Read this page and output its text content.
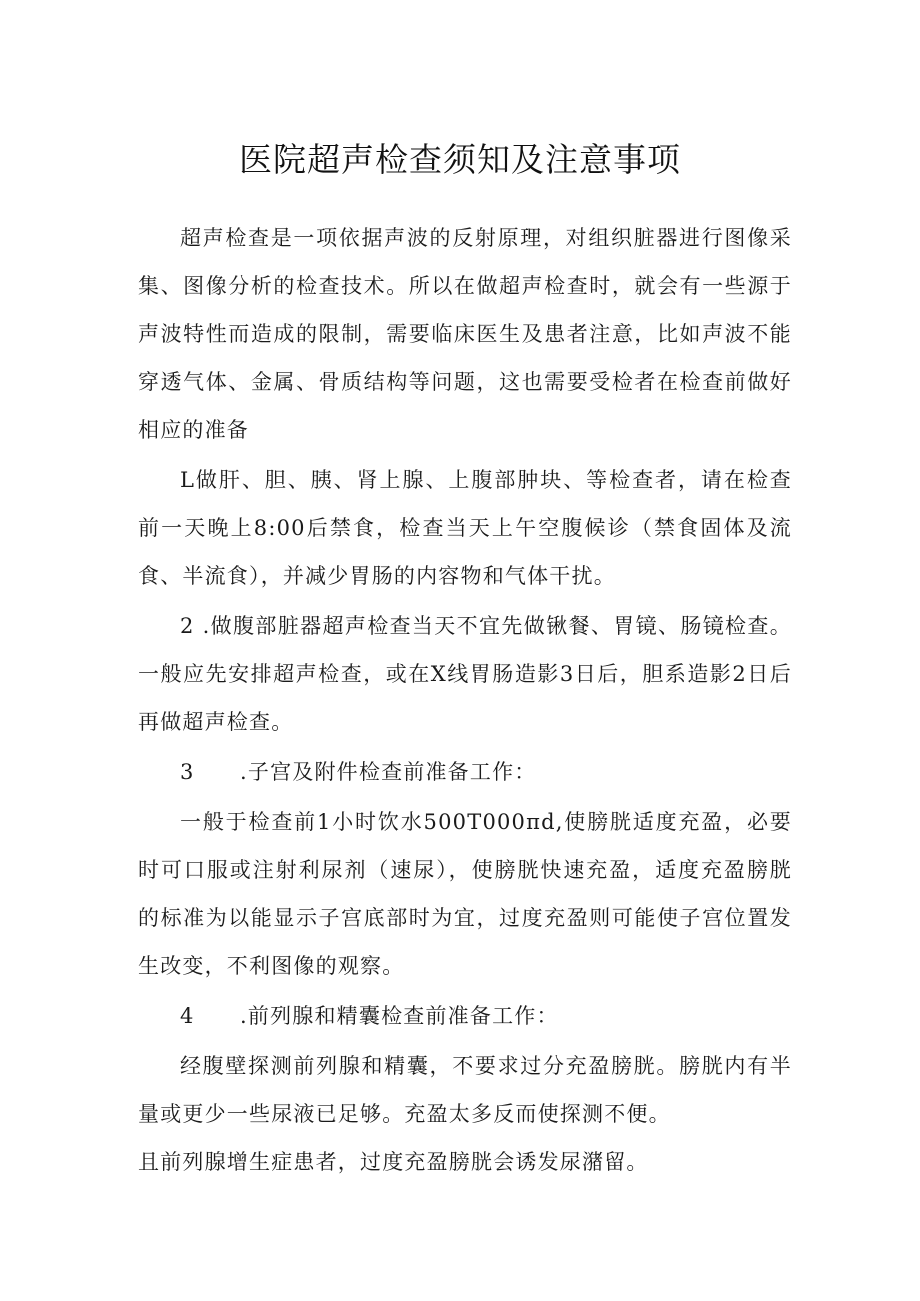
医院超声检查须知及注意事项

超声检查是一项依据声波的反射原理，对组织脏器进行图像采集、图像分析的检查技术。所以在做超声检查时，就会有一些源于声波特性而造成的限制，需要临床医生及患者注意，比如声波不能穿透气体、金属、骨质结构等问题，这也需要受检者在检查前做好相应的准备

L做肝、胆、胰、肾上腺、上腹部肿块、等检查者，请在检查前一天晚上8:00后禁食，检查当天上午空腹候诊（禁食固体及流食、半流食），并减少胃肠的内容物和气体干扰。

2 .做腹部脏器超声检查当天不宜先做锹餐、胃镜、肠镜检查。一般应先安排超声检查，或在X线胃肠造影3日后，胆系造影2日后再做超声检查。

3 .子宫及附件检查前准备工作：

一般于检查前1小时饮水500T000πd,使膀胱适度充盈，必要时可口服或注射利尿剂（速尿），使膀胱快速充盈，适度充盈膀胱的标准为以能显示子宫底部时为宜，过度充盈则可能使子宫位置发生改变，不利图像的观察。

4 .前列腺和精囊检查前准备工作：

经腹壁探测前列腺和精囊，不要求过分充盈膀胱。膀胱内有半量或更少一些尿液已足够。充盈太多反而使探测不便。

且前列腺增生症患者，过度充盈膀胱会诱发尿潴留。
